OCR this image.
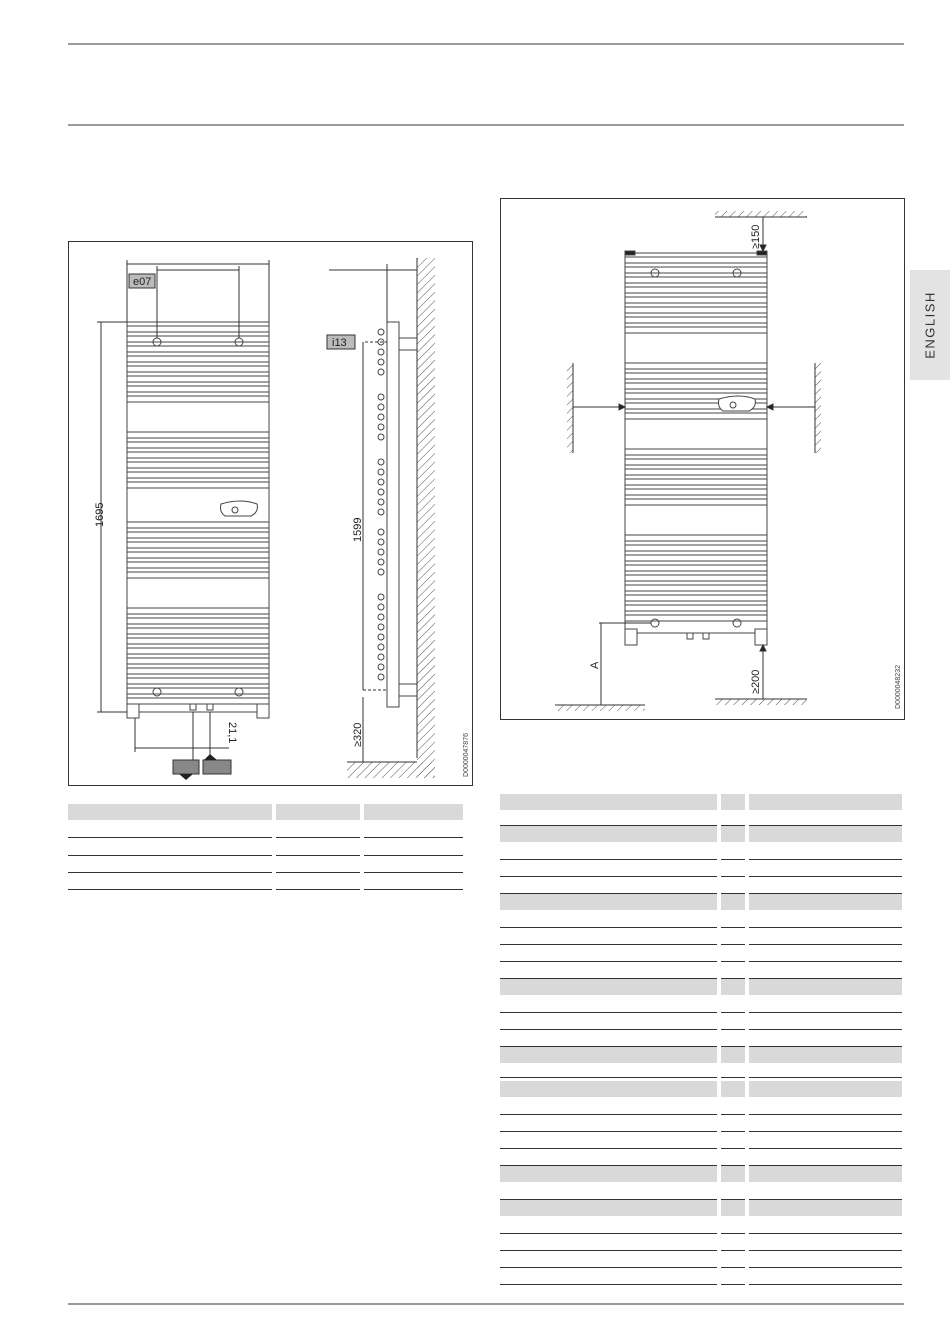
ENGLISH
e07
1695
21,1
i13
1599
≥320	D0000047876
≥150
≥200
A	D0000048232
